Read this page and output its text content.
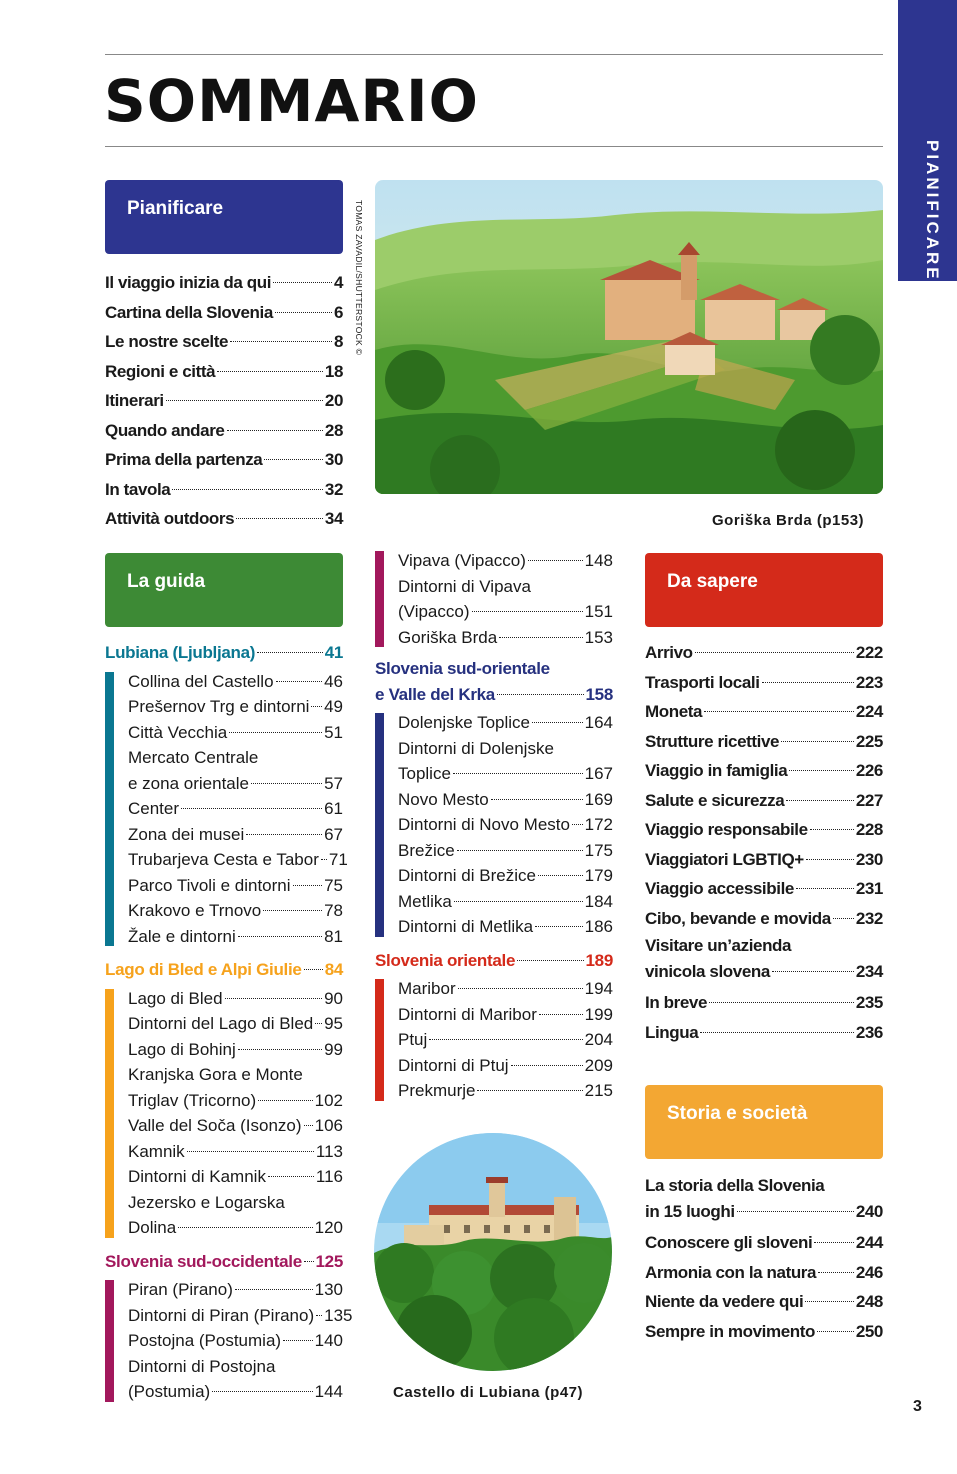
SOMMARIO
PIANIFICARE
Pianificare
Il viaggio inizia da qui	4
Cartina della Slovenia	6
Le nostre scelte	8
Regioni e città	18
Itinerari	20
Quando andare	28
Prima della partenza	30
In tavola	32
Attività outdoors	34
La guida
Lubiana (Ljubljana)	41
Collina del Castello	46
Prešernov Trg e dintorni 49
Città Vecchia	51
Mercato Centrale
e zona orientale	57
Center	61
Zona dei musei	67
Trubarjeva Cesta e Tabor 71
Parco Tivoli e dintorni 75
Krakovo e Trnovo	78
Žale e dintorni	81
Lago di Bled e Alpi Giulie 84
Lago di Bled	90
Dintorni del Lago di Bled 95
Lago di Bohinj	99
Kranjska Gora e Monte
Triglav (Tricorno)	102
Valle del Soča (Isonzo) 106
Kamnik	113
Dintorni di Kamnik	116
Jezersko e Logarska
Dolina	120
Slovenia sud-occidentale 125
Piran (Pirano)	130
Dintorni di Piran (Pirano) 135
Postojna (Postumia) 140
Dintorni di Postojna
(Postumia)	144
TOMAS ZAVADIL/SHUTTERSTOCK ©
Goriška Brda (p153)
Vipava (Vipacco)	148
Dintorni di Vipava
(Vipacco)	151
Goriška Brda	153
Slovenia sud-orientale
e Valle del Krka	158
Dolenjske Toplice	164
Dintorni di Dolenjske
Toplice	167
Novo Mesto	169
Dintorni di Novo Mesto 172
Brežice	175
Dintorni di Brežice	179
Metlika	184
Dintorni di Metlika	186
Slovenia orientale	189
Maribor	194
Dintorni di Maribor	199
Ptuj	204
Dintorni di Ptuj	209
Prekmurje	215
Castello di Lubiana (p47)
Da sapere
Arrivo	222
Trasporti locali	223
Moneta	224
Strutture ricettive	225
Viaggio in famiglia	226
Salute e sicurezza	227
Viaggio responsabile	228
Viaggiatori LGBTIQ+	230
Viaggio accessibile	231
Cibo, bevande e movida 232
Visitare un’azienda
vinicola slovena	234
In breve	235
Lingua	236
Storia e società
La storia della Slovenia
in 15 luoghi	240
Conoscere gli sloveni	244
Armonia con la natura 246
Niente da vedere qui	248
Sempre in movimento 250
3
